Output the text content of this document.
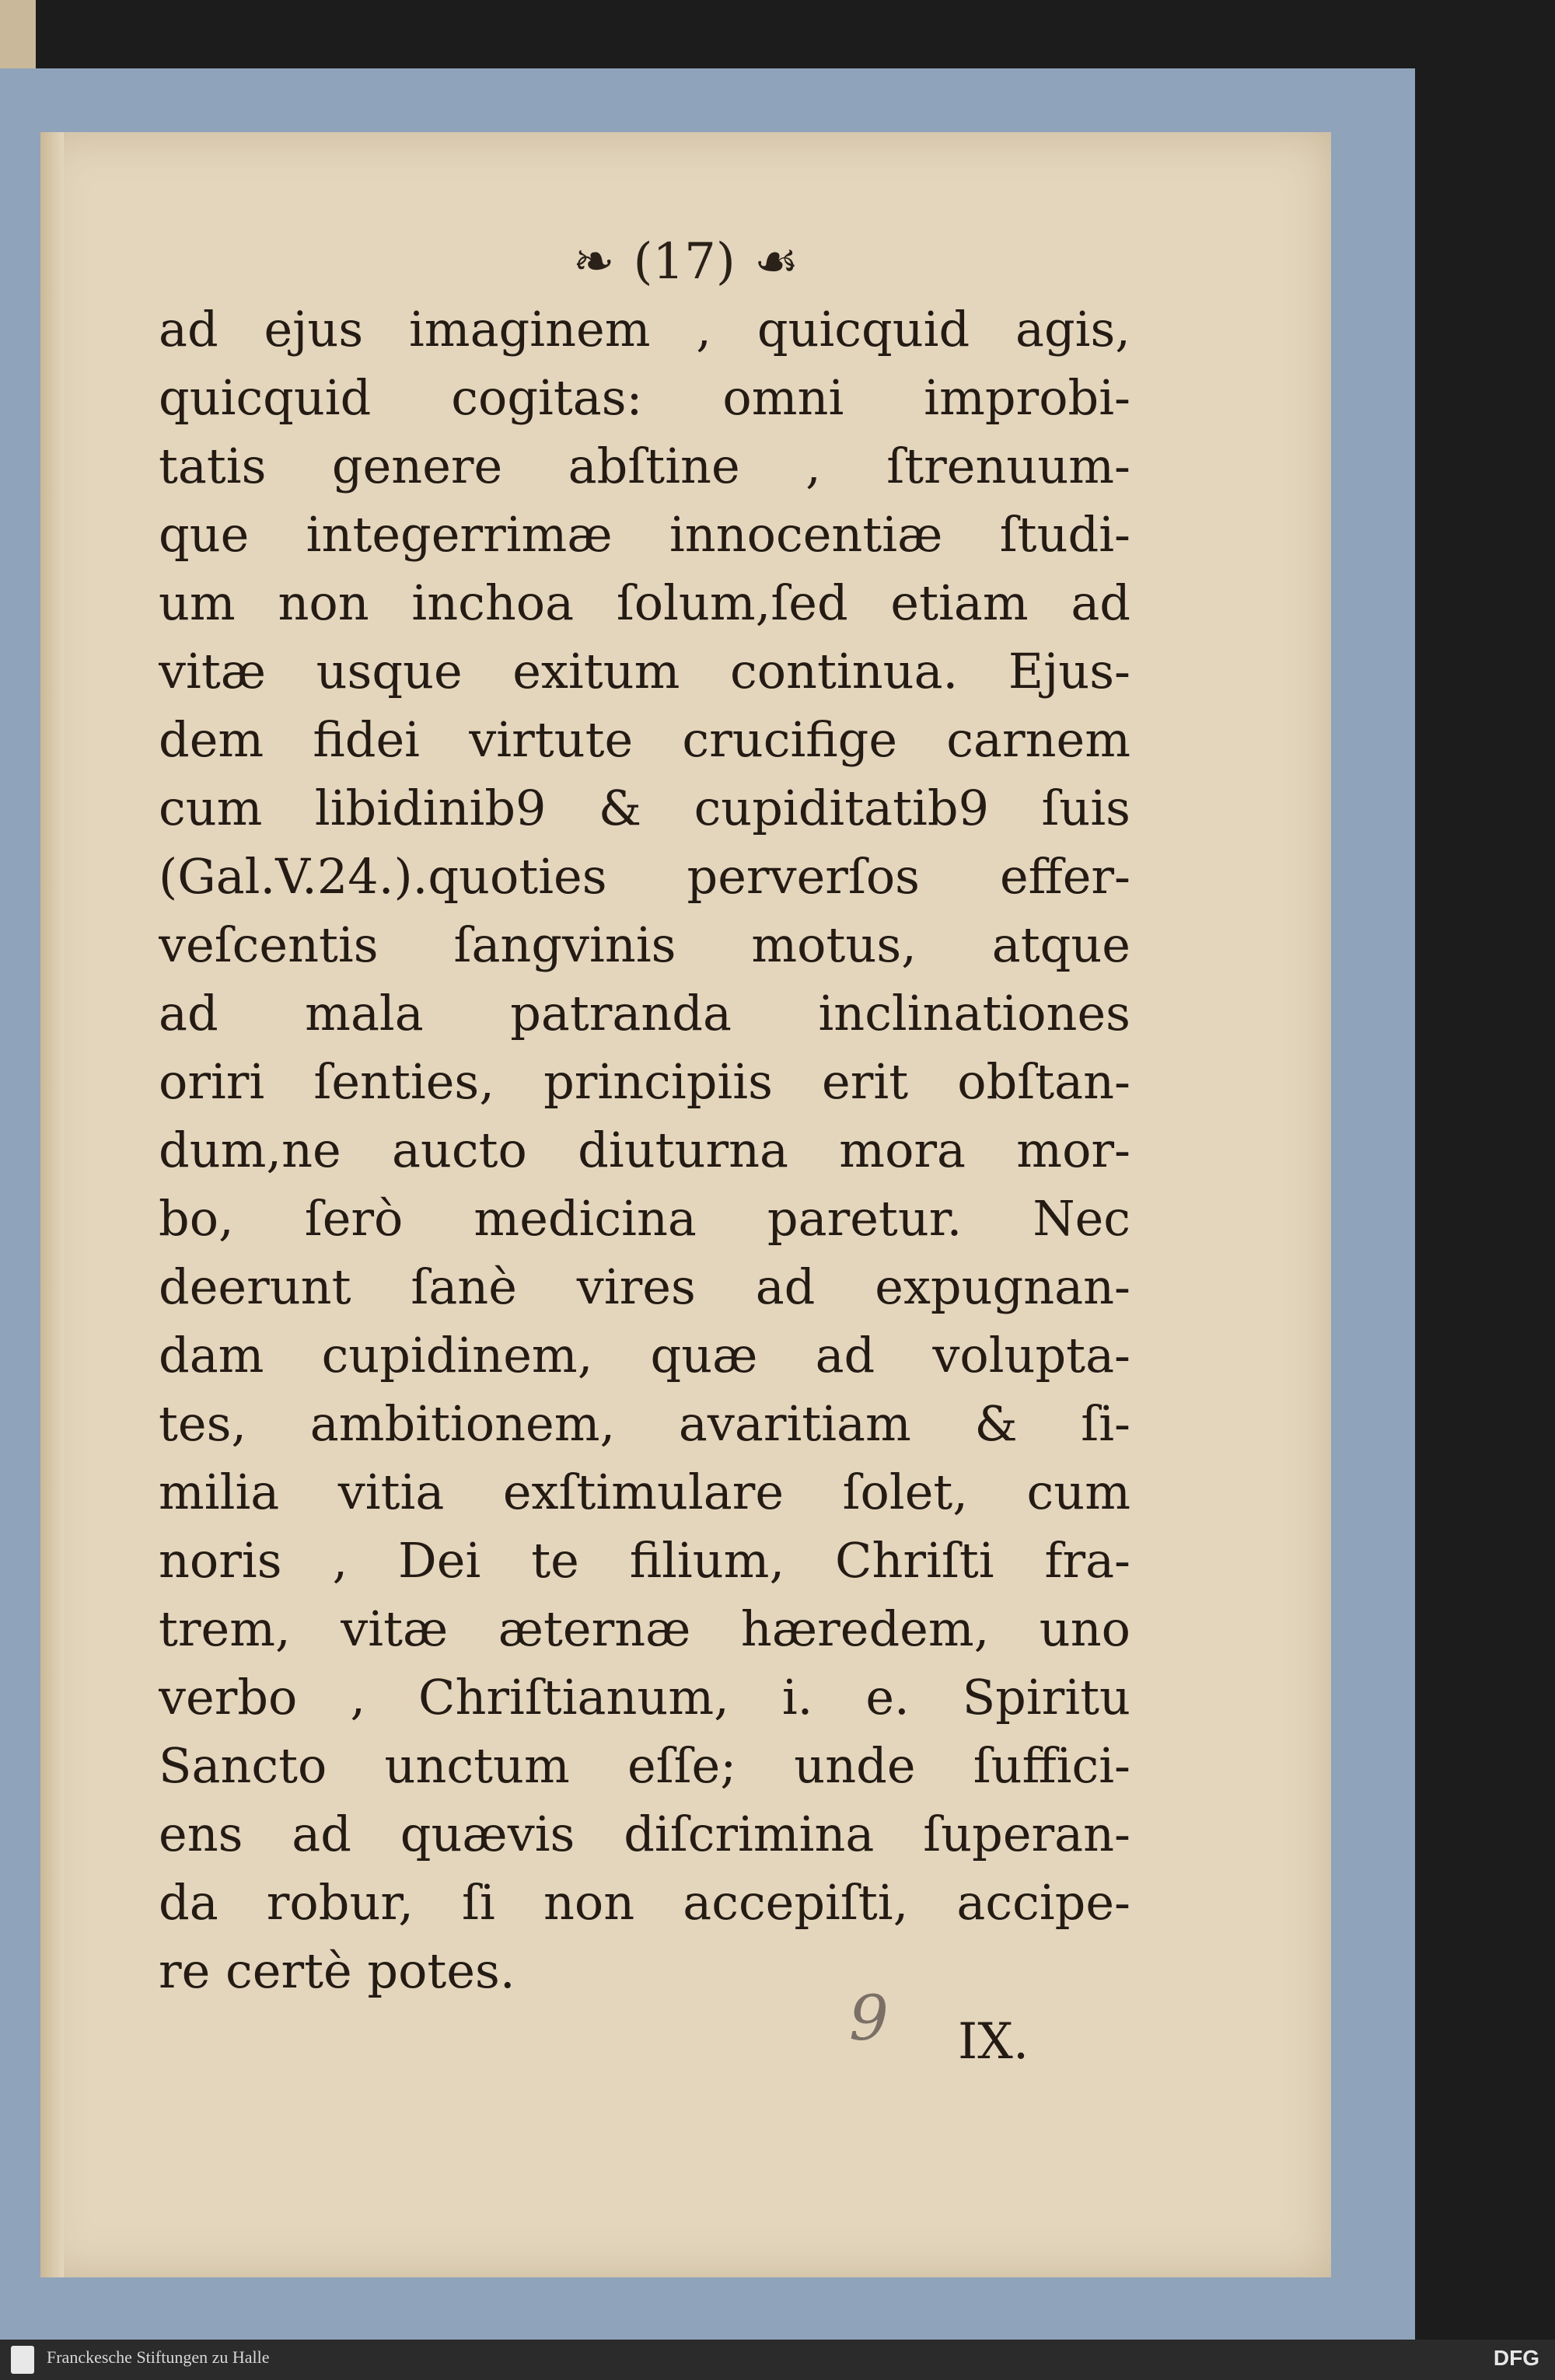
❧ (17) ☙
ad ejus imaginem , quicquid agis,
quicquid cogitas: omni improbi-
tatis genere abſtine , ſtrenuum-
que integerrimæ innocentiæ ſtudi-
um non inchoa ſolum,ſed etiam ad
vitæ usque exitum continua. Ejus-
dem fidei virtute crucifige carnem
cum libidinib9 & cupiditatib9 ſuis
(Gal.V.24.).quoties perverſos effer-
veſcentis ſangvinis motus, atque
ad mala patranda inclinationes
oriri ſenties, principiis erit obſtan-
dum,ne aucto diuturna mora mor-
bo, ſerò medicina paretur. Nec
deerunt ſanè vires ad expugnan-
dam cupidinem, quæ ad volupta-
tes, ambitionem, avaritiam & ſi-
milia vitia exſtimulare ſolet, cum
noris , Dei te filium, Chriſti fra-
trem, vitæ æternæ hæredem, uno
verbo , Chriſtianum, i. e. Spiritu
Sancto unctum eſſe; unde ſuffici-
ens ad quævis diſcrimina ſuperan-
da robur, ſi non accepiſti, accipe-
re certè potes.
9 IX.
Franckesche Stiftungen zu Halle	DFG
